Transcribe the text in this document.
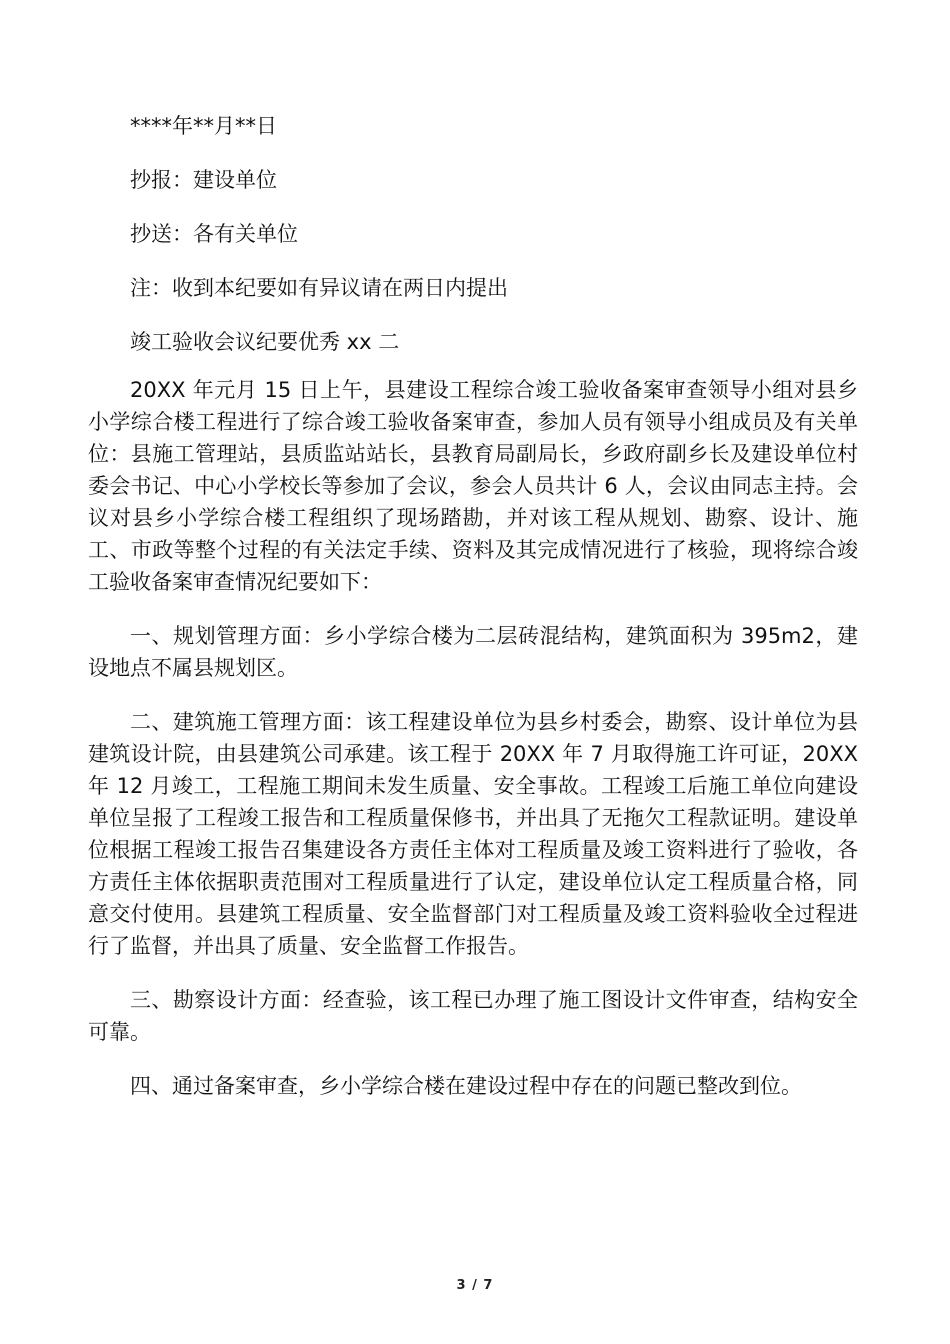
****年**月**日
抄报：建设单位
抄送：各有关单位
注：收到本纪要如有异议请在两日内提出
竣工验收会议纪要优秀 xx 二

20XX 年元月 15 日上午，县建设工程综合竣工验收备案审查领导小组对县乡小学综合楼工程进行了综合竣工验收备案审查，参加人员有领导小组成员及有关单位：县施工管理站，县质监站站长，县教育局副局长，乡政府副乡长及建设单位村委会书记、中心小学校长等参加了会议，参会人员共计 6 人，会议由同志主持。会议对县乡小学综合楼工程组织了现场踏勘，并对该工程从规划、勘察、设计、施工、市政等整个过程的有关法定手续、资料及其完成情况进行了核验，现将综合竣工验收备案审查情况纪要如下：

一、规划管理方面：乡小学综合楼为二层砖混结构，建筑面积为 395m2，建设地点不属县规划区。

二、建筑施工管理方面：该工程建设单位为县乡村委会，勘察、设计单位为县建筑设计院，由县建筑公司承建。该工程于 20XX 年 7 月取得施工许可证，20XX 年 12 月竣工，工程施工期间未发生质量、安全事故。工程竣工后施工单位向建设单位呈报了工程竣工报告和工程质量保修书，并出具了无拖欠工程款证明。建设单位根据工程竣工报告召集建设各方责任主体对工程质量及竣工资料进行了验收，各方责任主体依据职责范围对工程质量进行了认定，建设单位认定工程质量合格，同意交付使用。县建筑工程质量、安全监督部门对工程质量及竣工资料验收全过程进行了监督，并出具了质量、安全监督工作报告。

三、勘察设计方面：经查验，该工程已办理了施工图设计文件审查，结构安全可靠。

四、通过备案审查，乡小学综合楼在建设过程中存在的问题已整改到位。

3 / 7
